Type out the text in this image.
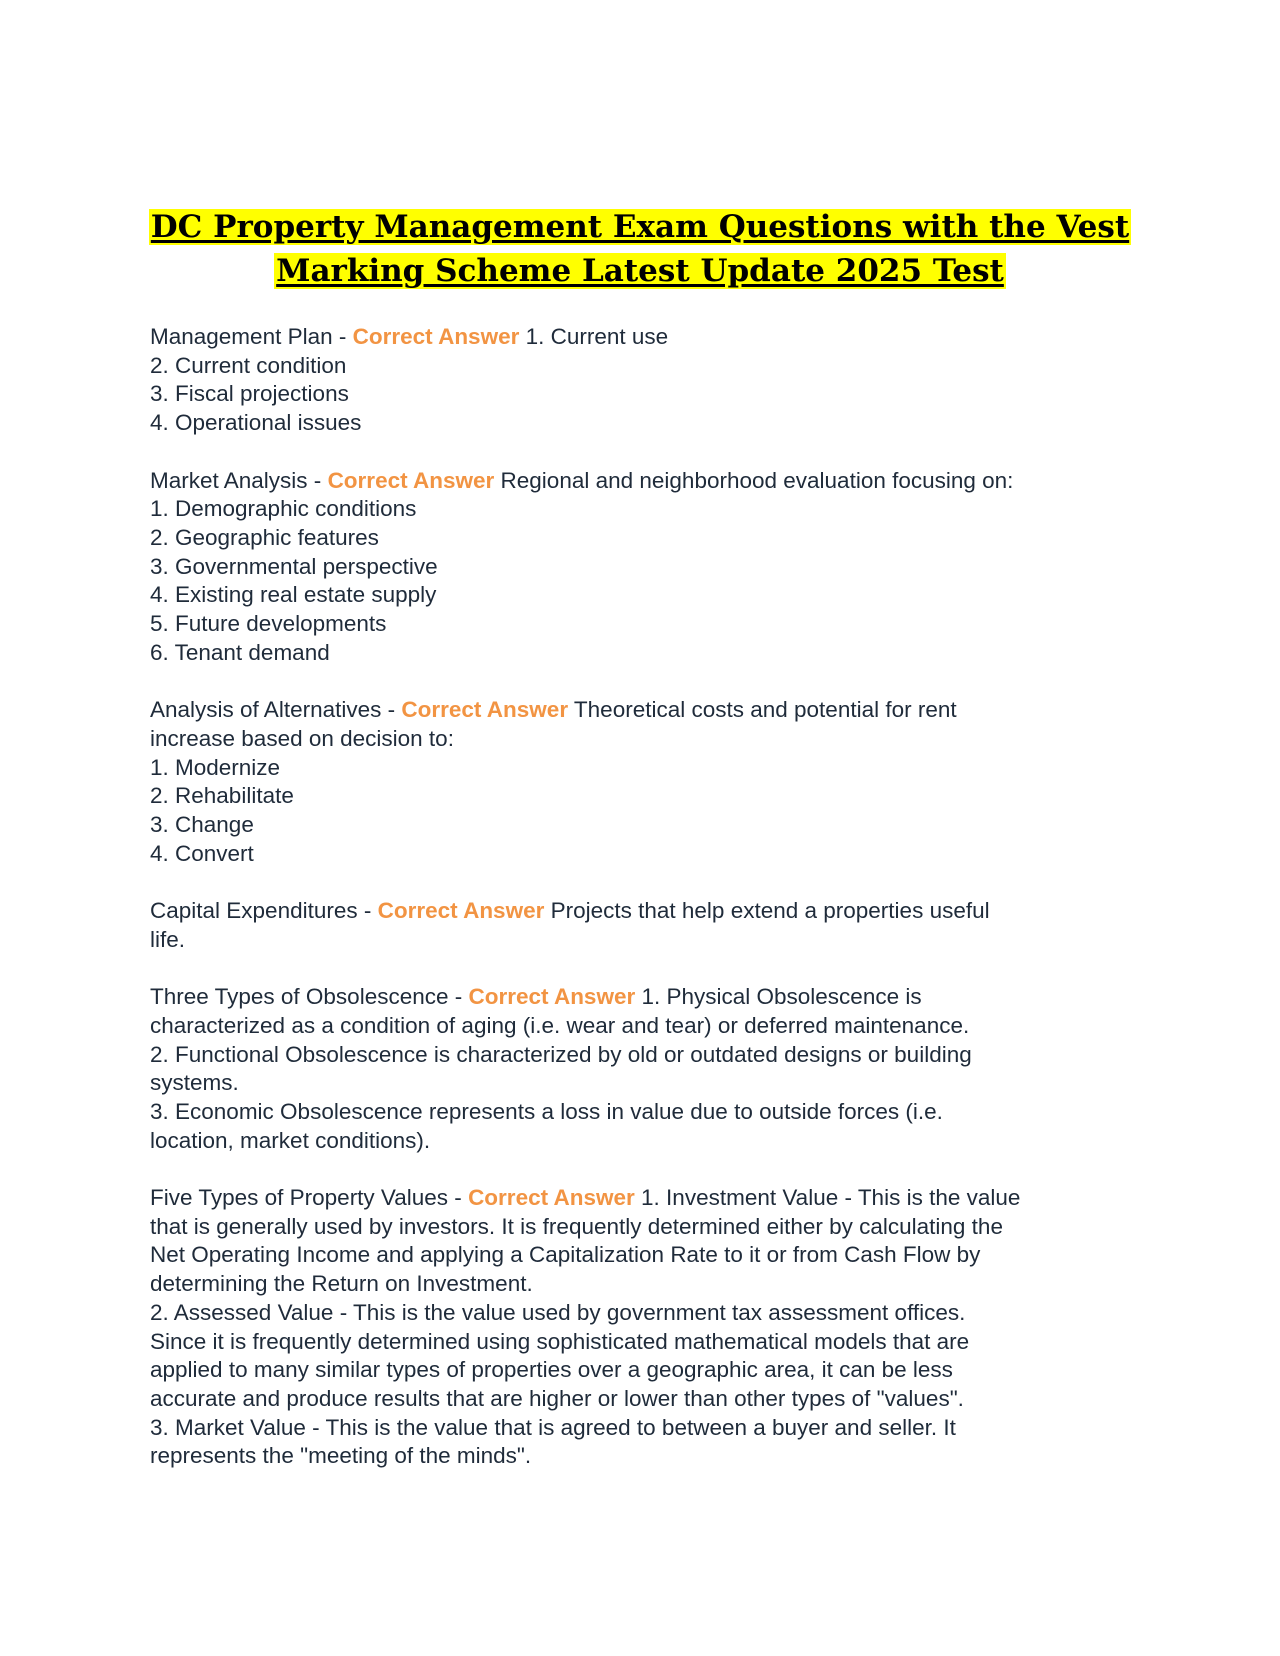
DC Property Management Exam Questions with the Vest
Marking Scheme Latest Update 2025 Test
Management Plan - Correct Answer 1. Current use
2. Current condition
3. Fiscal projections
4. Operational issues
Market Analysis - Correct Answer Regional and neighborhood evaluation focusing on:
1. Demographic conditions
2. Geographic features
3. Governmental perspective
4. Existing real estate supply
5. Future developments
6. Tenant demand
Analysis of Alternatives - Correct Answer Theoretical costs and potential for rent
increase based on decision to:
1. Modernize
2. Rehabilitate
3. Change
4. Convert
Capital Expenditures - Correct Answer Projects that help extend a properties useful
life.
Three Types of Obsolescence - Correct Answer 1. Physical Obsolescence is
characterized as a condition of aging (i.e. wear and tear) or deferred maintenance.
2. Functional Obsolescence is characterized by old or outdated designs or building
systems.
3. Economic Obsolescence represents a loss in value due to outside forces (i.e.
location, market conditions).
Five Types of Property Values - Correct Answer 1. Investment Value - This is the value
that is generally used by investors. It is frequently determined either by calculating the
Net Operating Income and applying a Capitalization Rate to it or from Cash Flow by
determining the Return on Investment.
2. Assessed Value - This is the value used by government tax assessment offices.
Since it is frequently determined using sophisticated mathematical models that are
applied to many similar types of properties over a geographic area, it can be less
accurate and produce results that are higher or lower than other types of "values".
3. Market Value - This is the value that is agreed to between a buyer and seller. It
represents the "meeting of the minds".
